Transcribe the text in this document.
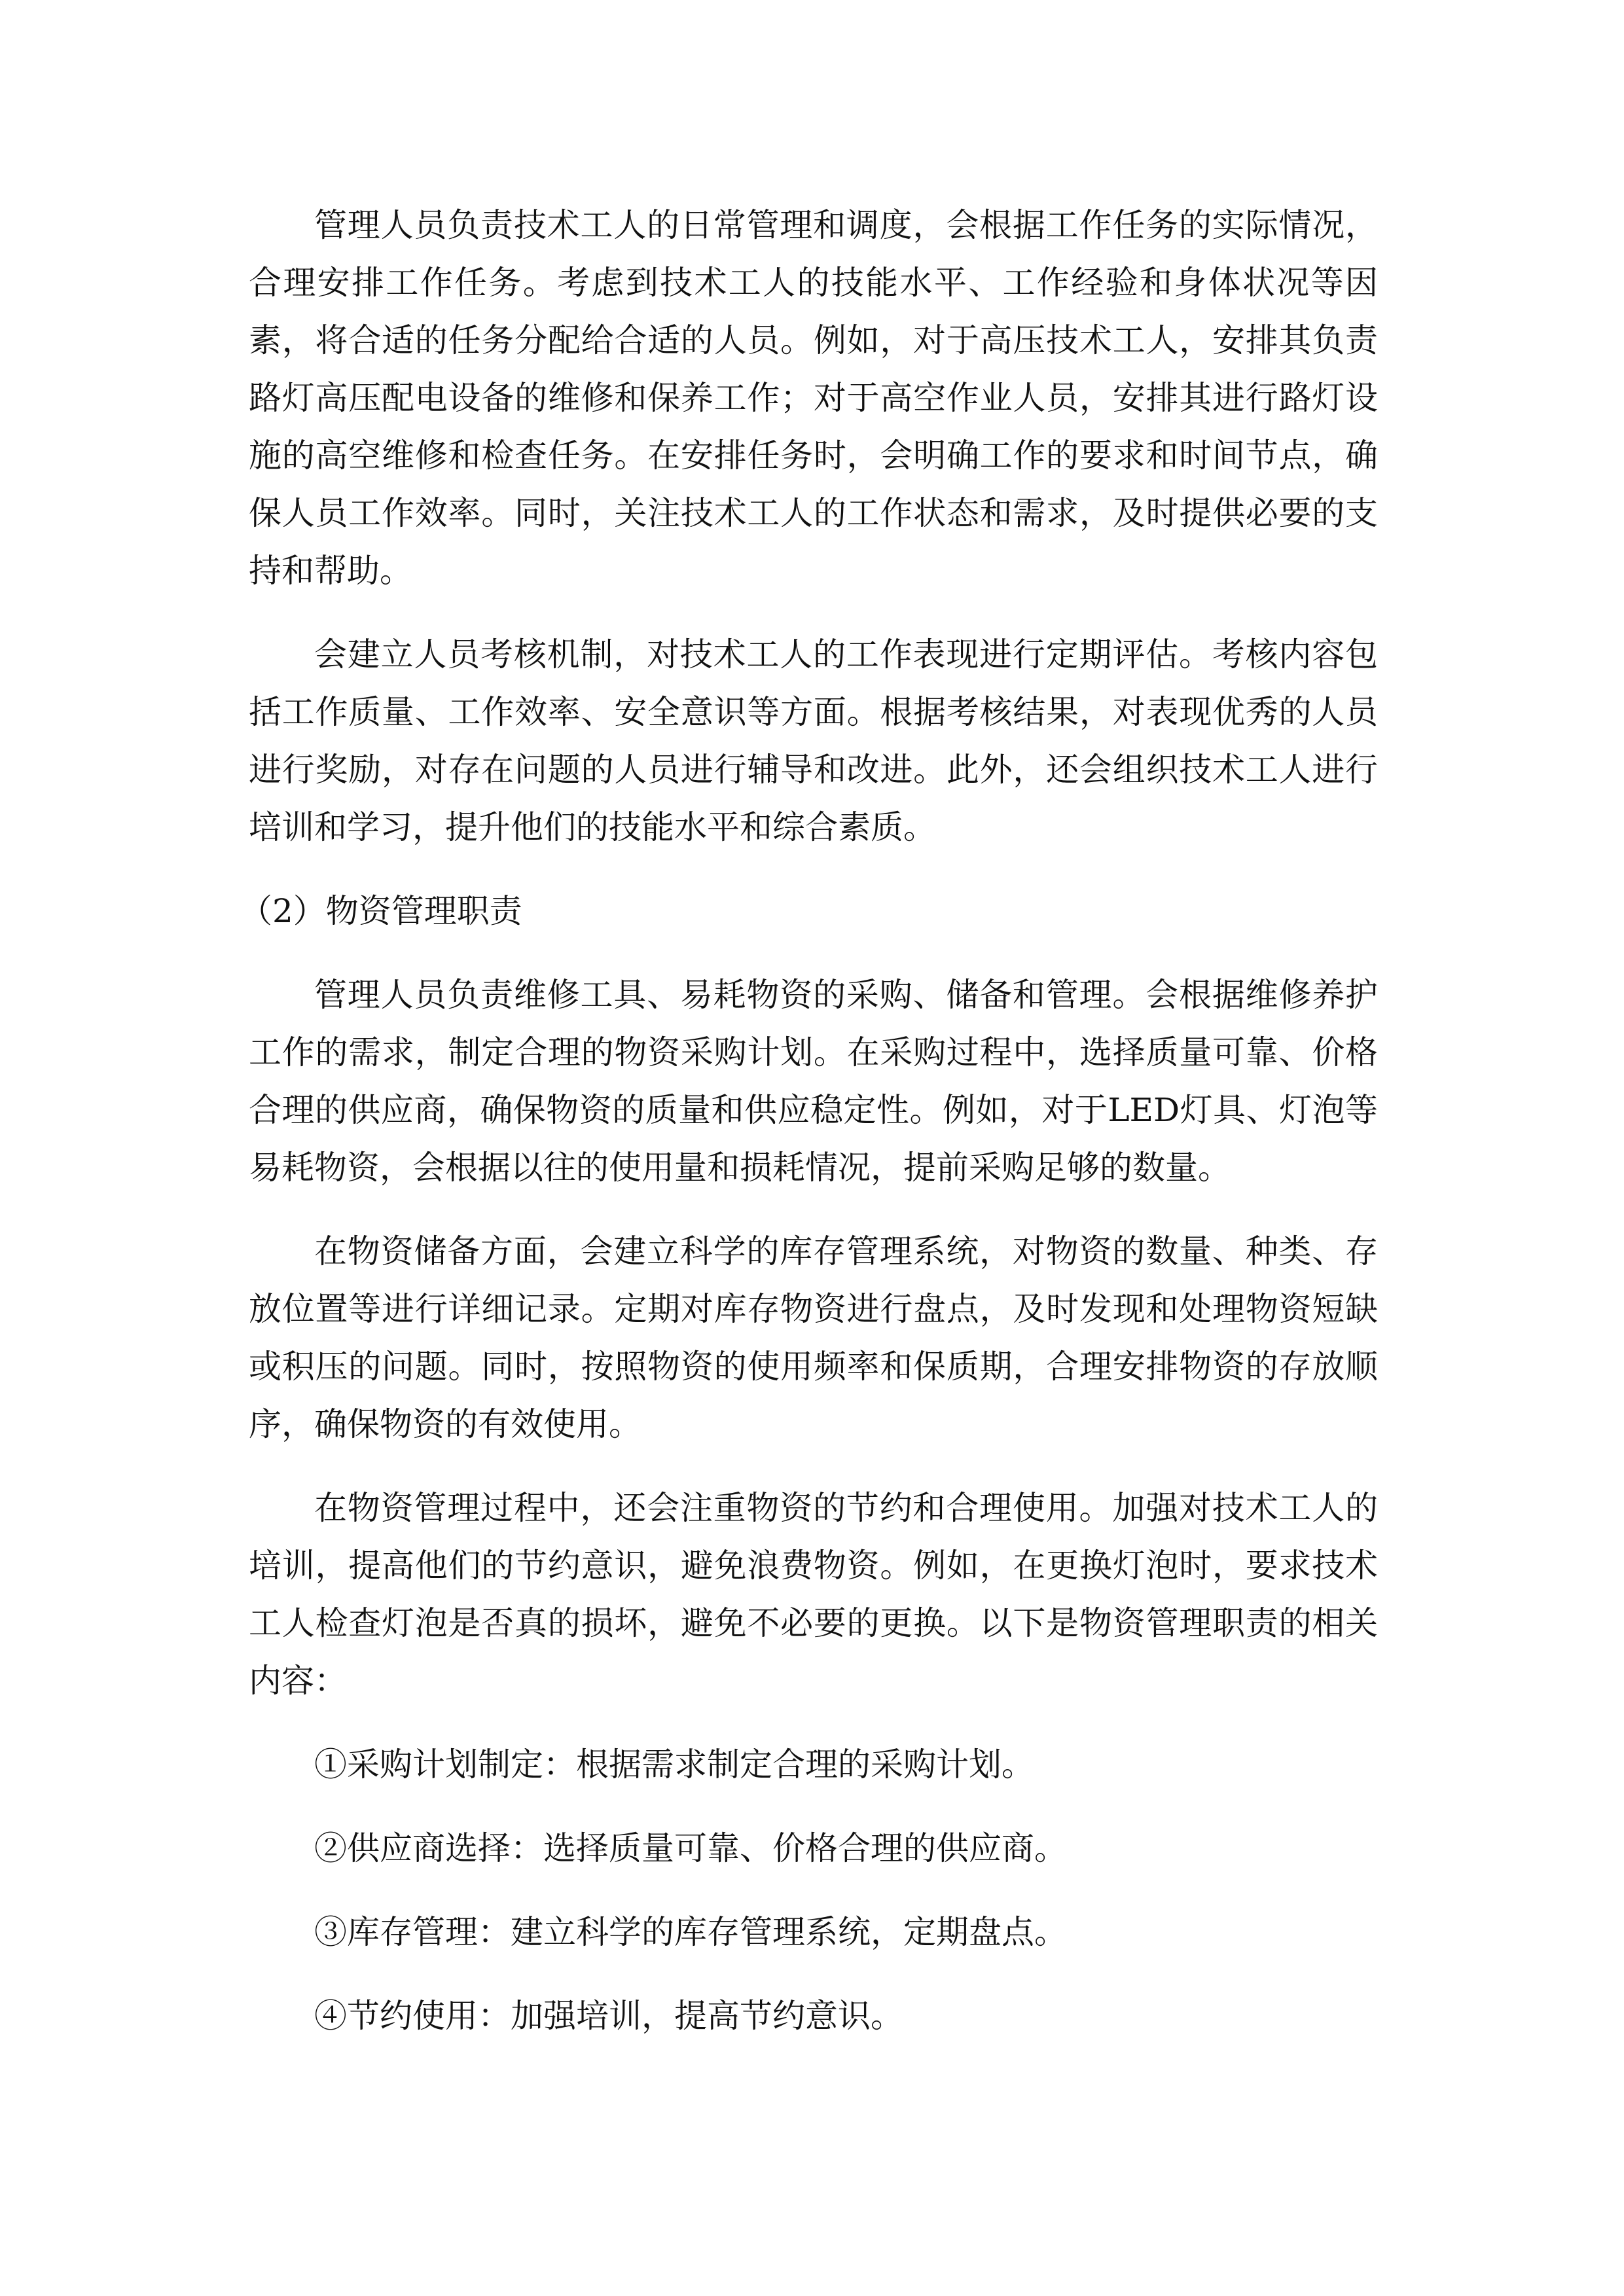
管理人员负责技术工人的日常管理和调度，会根据工作任务的实际情况，合理安排工作任务。考虑到技术工人的技能水平、工作经验和身体状况等因素，将合适的任务分配给合适的人员。例如，对于高压技术工人，安排其负责路灯高压配电设备的维修和保养工作；对于高空作业人员，安排其进行路灯设施的高空维修和检查任务。在安排任务时，会明确工作的要求和时间节点，确保人员工作效率。同时，关注技术工人的工作状态和需求，及时提供必要的支持和帮助。

会建立人员考核机制，对技术工人的工作表现进行定期评估。考核内容包括工作质量、工作效率、安全意识等方面。根据考核结果，对表现优秀的人员进行奖励，对存在问题的人员进行辅导和改进。此外，还会组织技术工人进行培训和学习，提升他们的技能水平和综合素质。

（2）物资管理职责

管理人员负责维修工具、易耗物资的采购、储备和管理。会根据维修养护工作的需求，制定合理的物资采购计划。在采购过程中，选择质量可靠、价格合理的供应商，确保物资的质量和供应稳定性。例如，对于LED灯具、灯泡等易耗物资，会根据以往的使用量和损耗情况，提前采购足够的数量。

在物资储备方面，会建立科学的库存管理系统，对物资的数量、种类、存放位置等进行详细记录。定期对库存物资进行盘点，及时发现和处理物资短缺或积压的问题。同时，按照物资的使用频率和保质期，合理安排物资的存放顺序，确保物资的有效使用。

在物资管理过程中，还会注重物资的节约和合理使用。加强对技术工人的培训，提高他们的节约意识，避免浪费物资。例如，在更换灯泡时，要求技术工人检查灯泡是否真的损坏，避免不必要的更换。以下是物资管理职责的相关内容：

①采购计划制定：根据需求制定合理的采购计划。

②供应商选择：选择质量可靠、价格合理的供应商。

③库存管理：建立科学的库存管理系统，定期盘点。

④节约使用：加强培训，提高节约意识。
